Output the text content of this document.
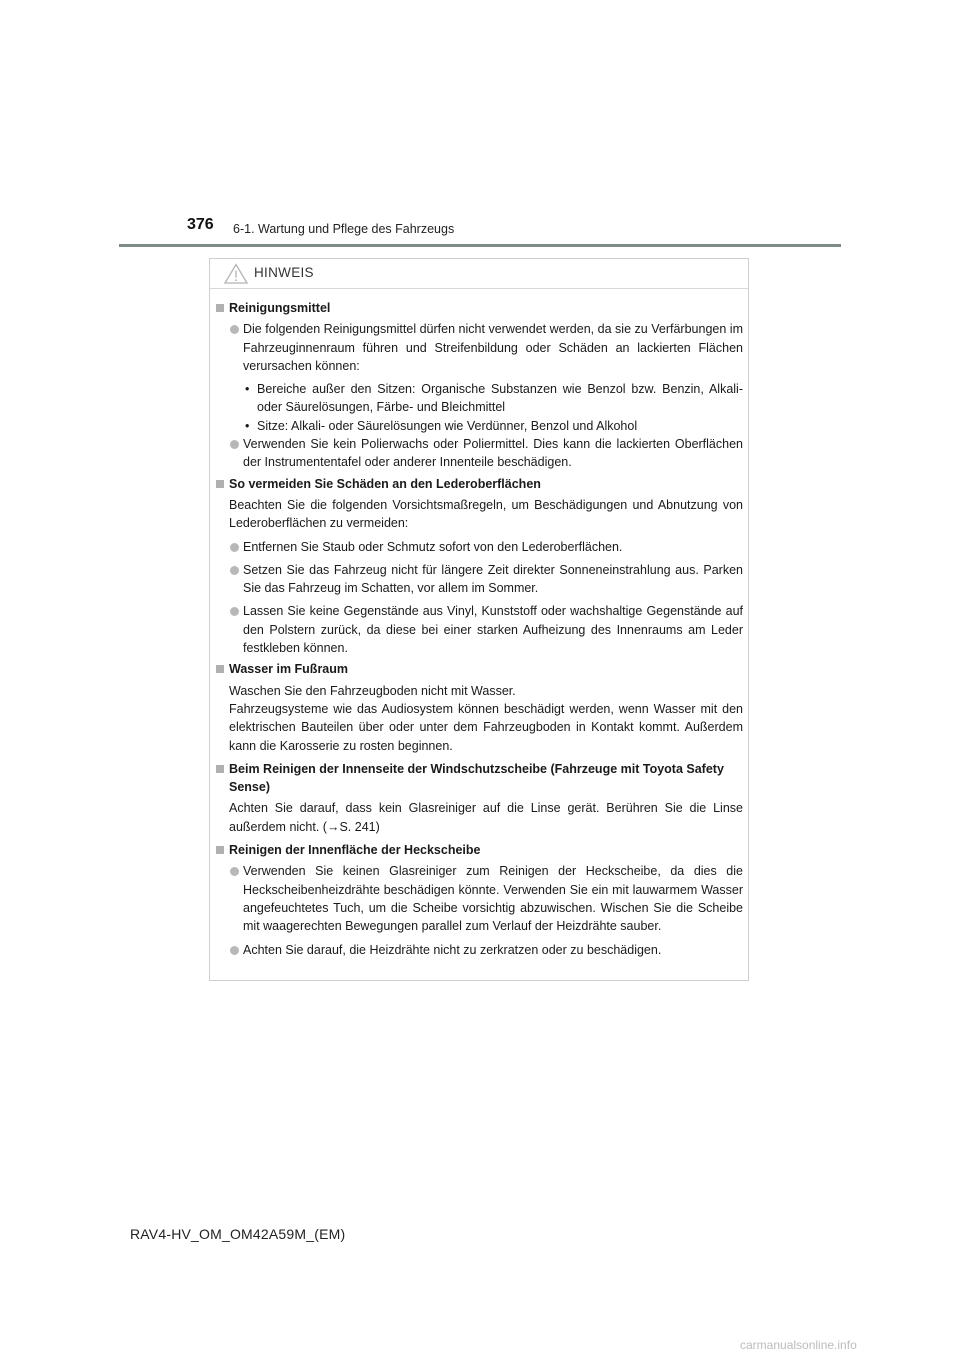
376 6-1. Wartung und Pflege des Fahrzeugs
HINWEIS
Reinigungsmittel
Die folgenden Reinigungsmittel dürfen nicht verwendet werden, da sie zu Verfärbungen im Fahrzeuginnenraum führen und Streifenbildung oder Schäden an lackierten Flächen verursachen können:
• Bereiche außer den Sitzen: Organische Substanzen wie Benzol bzw. Benzin, Alkali- oder Säurelösungen, Färbe- und Bleichmittel
• Sitze: Alkali- oder Säurelösungen wie Verdünner, Benzol und Alkohol
Verwenden Sie kein Polierwachs oder Poliermittel. Dies kann die lackierten Oberflächen der Instrumententafel oder anderer Innenteile beschädigen.
So vermeiden Sie Schäden an den Lederoberflächen
Beachten Sie die folgenden Vorsichtsmaßregeln, um Beschädigungen und Abnutzung von Lederoberflächen zu vermeiden:
Entfernen Sie Staub oder Schmutz sofort von den Lederoberflächen.
Setzen Sie das Fahrzeug nicht für längere Zeit direkter Sonneneinstrahlung aus. Parken Sie das Fahrzeug im Schatten, vor allem im Sommer.
Lassen Sie keine Gegenstände aus Vinyl, Kunststoff oder wachshaltige Gegenstände auf den Polstern zurück, da diese bei einer starken Aufheizung des Innenraums am Leder festkleben können.
Wasser im Fußraum
Waschen Sie den Fahrzeugboden nicht mit Wasser.
Fahrzeugsysteme wie das Audiosystem können beschädigt werden, wenn Wasser mit den elektrischen Bauteilen über oder unter dem Fahrzeugboden in Kontakt kommt. Außerdem kann die Karosserie zu rosten beginnen.
Beim Reinigen der Innenseite der Windschutzscheibe (Fahrzeuge mit Toyota Safety Sense)
Achten Sie darauf, dass kein Glasreiniger auf die Linse gerät. Berühren Sie die Linse außerdem nicht. (→S. 241)
Reinigen der Innenfläche der Heckscheibe
Verwenden Sie keinen Glasreiniger zum Reinigen der Heckscheibe, da dies die Heckscheibenheizdrähte beschädigen könnte. Verwenden Sie ein mit lauwarmem Wasser angefeuchtetes Tuch, um die Scheibe vorsichtig abzuwischen. Wischen Sie die Scheibe mit waagerechten Bewegungen parallel zum Verlauf der Heizdrähte sauber.
Achten Sie darauf, die Heizdrähte nicht zu zerkratzen oder zu beschädigen.
RAV4-HV_OM_OM42A59M_(EM)
carmanualsonline.info
